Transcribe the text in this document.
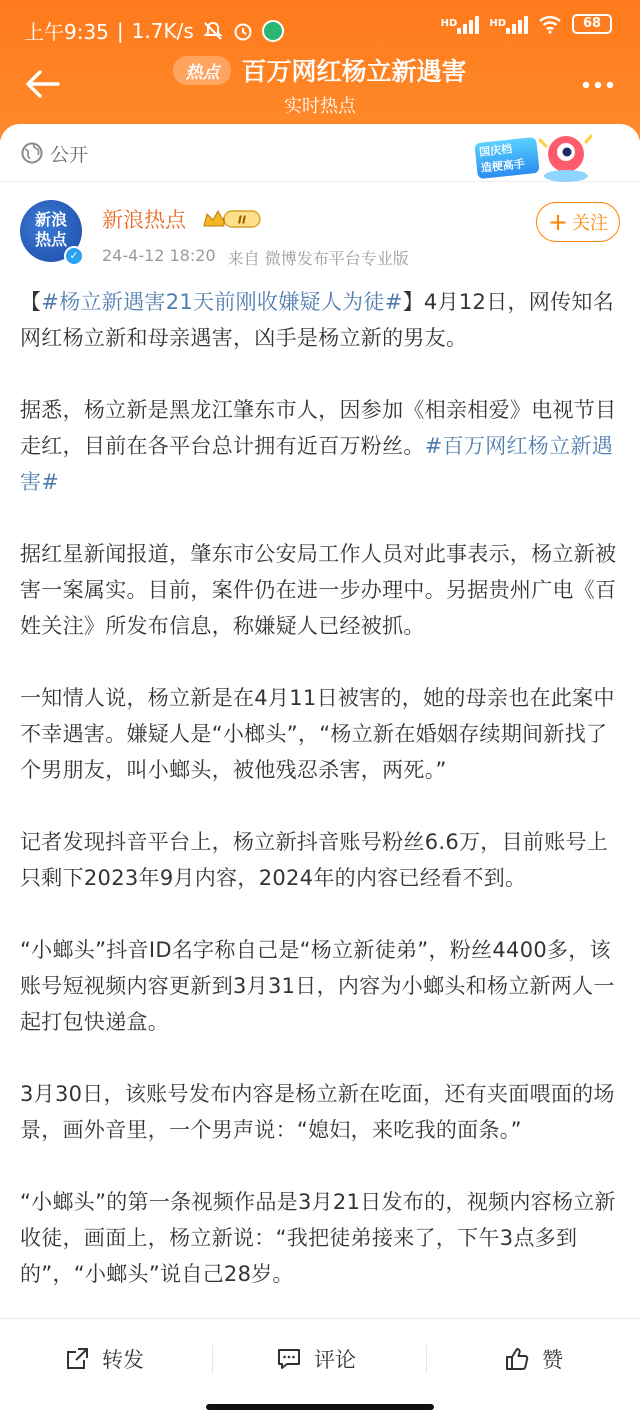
上午9:35 | 1.7K/s	HD	HD	68
热点 百万网红杨立新遇害
实时热点
公开	国庆档
造梗高手
新浪
热点
✓
新浪热点	II
24-4-12 18:20 来自 微博发布平台专业版
+ 关注

【#杨立新遇害21天前刚收嫌疑人为徒#】4月12日，网传知名网红杨立新和母亲遇害，凶手是杨立新的男友。

据悉，杨立新是黑龙江肇东市人，因参加《相亲相爱》电视节目走红，目前在各平台总计拥有近百万粉丝。#百万网红杨立新遇害#

据红星新闻报道，肇东市公安局工作人员对此事表示，杨立新被害一案属实。目前，案件仍在进一步办理中。另据贵州广电《百姓关注》所发布信息，称嫌疑人已经被抓。

一知情人说，杨立新是在4月11日被害的，她的母亲也在此案中不幸遇害。嫌疑人是“小榔头”，“杨立新在婚姻存续期间新找了个男朋友，叫小螂头，被他残忍杀害，两死。”

记者发现抖音平台上，杨立新抖音账号粉丝6.6万，目前账号上只剩下2023年9月内容，2024年的内容已经看不到。

“小螂头”抖音ID名字称自己是“杨立新徒弟”，粉丝4400多，该账号短视频内容更新到3月31日，内容为小螂头和杨立新两人一起打包快递盒。

3月30日，该账号发布内容是杨立新在吃面，还有夹面喂面的场景，画外音里，一个男声说：“媳妇，来吃我的面条。”

“小螂头”的第一条视频作品是3月21日发布的，视频内容杨立新收徒，画面上，杨立新说：“我把徒弟接来了，下午3点多到的”，“小螂头”说自己28岁。

转发	评论	赞
